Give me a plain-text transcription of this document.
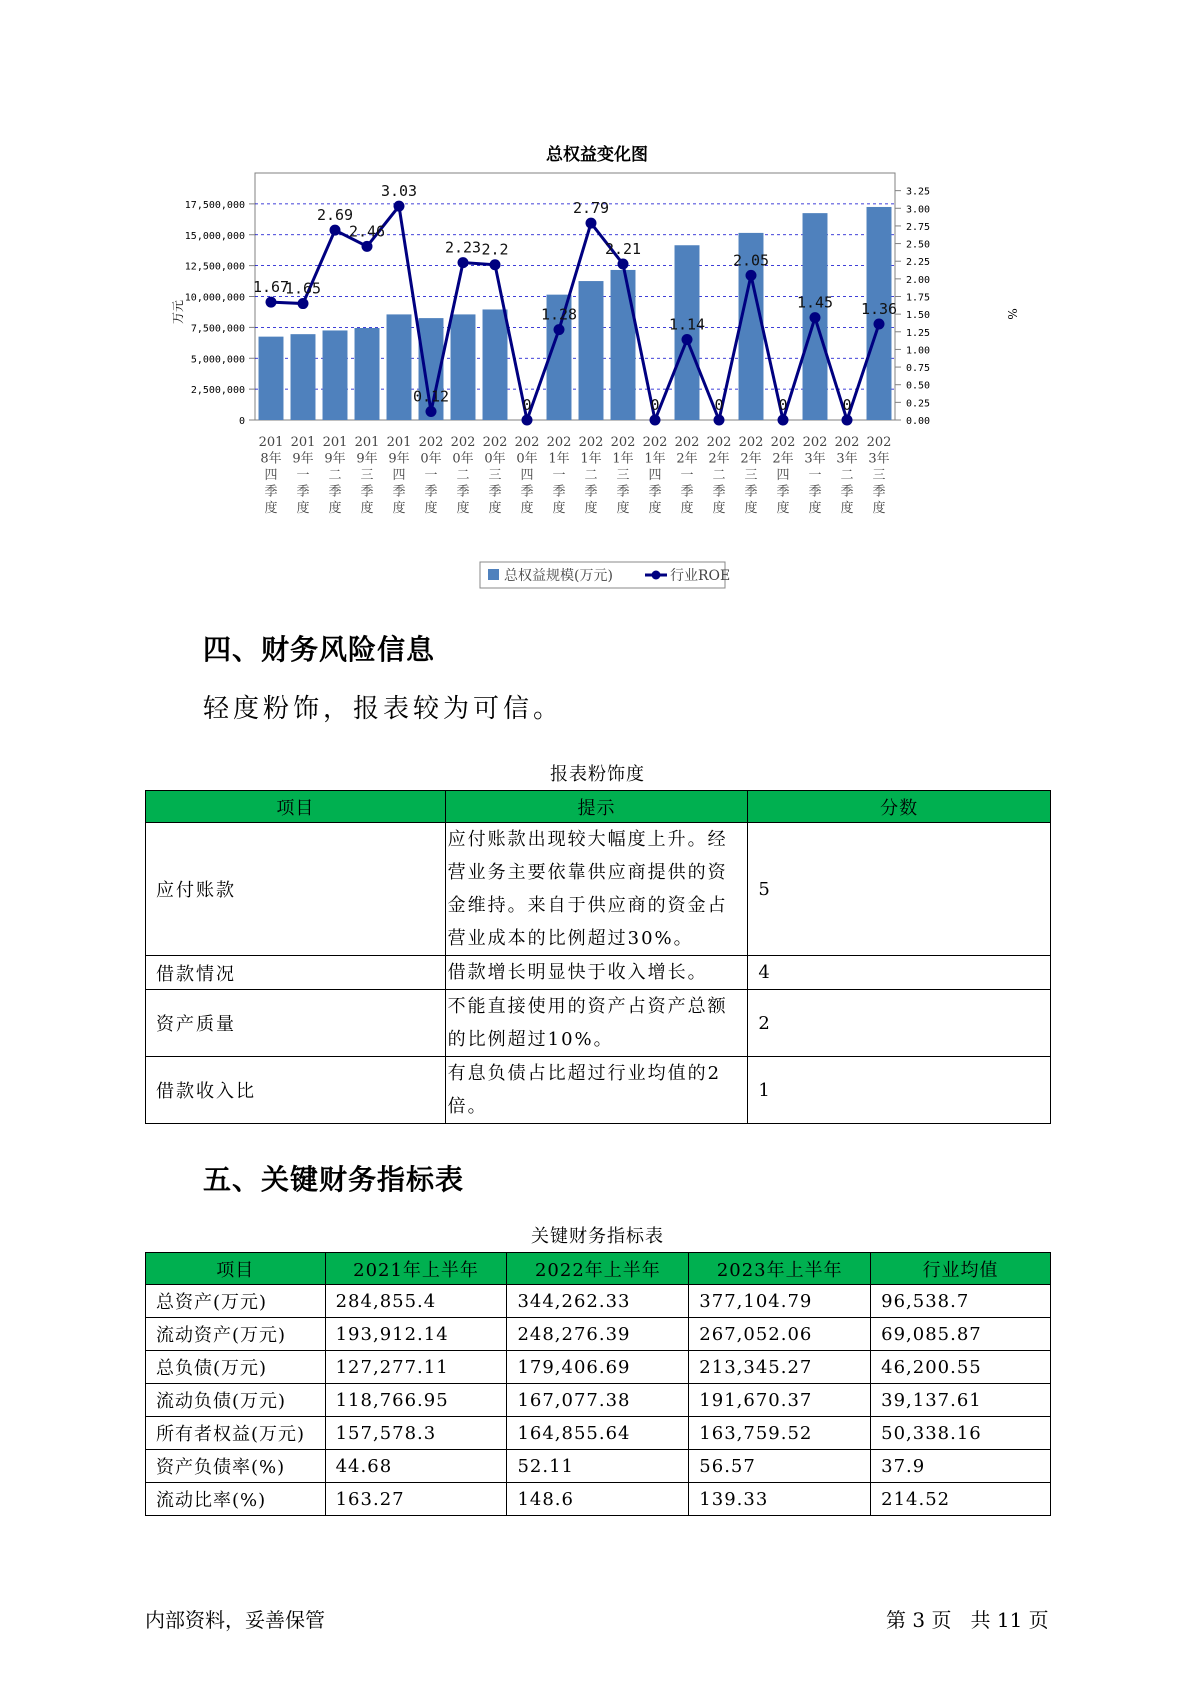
0
2,500,000
5,000,000
7,500,000
10,000,000
12,500,000
15,000,000
17,500,000
0.00
0.25
0.50
0.75
1.00
1.25
1.50
1.75
2.00
2.25
2.50
2.75
3.00
3.25
万元	%
总权益变化图
201
8年
四
季
度
201
9年
一
季
度
201
9年
二
季
度
201
9年
三
季
度
201
9年
四
季
度
202
0年
一
季
度
202
0年
二
季
度
202
0年
三
季
度
202
0年
四
季
度
202
1年
一
季
度
202
1年
二
季
度
202
1年
三
季
度
202
1年
四
季
度
202
2年
一
季
度
202
2年
二
季
度
202
2年
三
季
度
202
2年
四
季
度
202
3年
一
季
度
202
3年
二
季
度
202
3年
三
季
度
1.67
1.65
2.69
2.46
3.03
0.12
2.23 2.2
0
1.28
2.79
2.21
0
1.14
0
2.05
0
1.45
0
1.36
总权益规模(万元)	行业ROE
四、财务风险信息
轻度粉饰，报表较为可信。
报表粉饰度
项目	提示	分数
应付账款	应付账款出现较大幅度上升。经营业务主要依靠供应商提供的资金维持。来自于供应商的资金占营业成本的比例超过30%。	5
借款情况	借款增长明显快于收入增长。	4
资产质量	不能直接使用的资产占资产总额的比例超过10%。	2
借款收入比	有息负债占比超过行业均值的2倍。	1
五、关键财务指标表
关键财务指标表
项目	2021年上半年	2022年上半年	2023年上半年	行业均值
总资产(万元)	284,855.4	344,262.33	377,104.79	96,538.7
流动资产(万元)	193,912.14	248,276.39	267,052.06	69,085.87
总负债(万元)	127,277.11	179,406.69	213,345.27	46,200.55
流动负债(万元)	118,766.95	167,077.38	191,670.37	39,137.61
所有者权益(万元)	157,578.3	164,855.64	163,759.52	50,338.16
资产负债率(%)	44.68	52.11	56.57	37.9
流动比率(%)	163.27	148.6	139.33	214.52
内部资料，妥善保管	第 3 页   共 11 页
